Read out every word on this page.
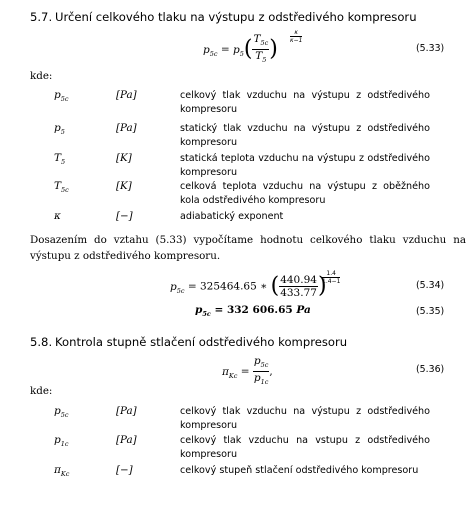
5.7. Určení celkového tlaku na výstupu z odstředivého kompresoru
$p_{5c} = p_5( \frac{T_{5c}}{T_5}$ )
κ
κ−1
(5.33)
kde:
$p_{5c}$	[Pa]	celkový tlak vzduchu na výstupu z odstředivého kompresoru
$p_5$	[Pa]	statický tlak vzduchu na výstupu z odstředivého kompresoru
$T_5$	[K]	statická teplota vzduchu na výstupu z odstředivého kompresoru
$T_{5c}$	[K]	celková teplota vzduchu na výstupu z oběžného kola odstředivého kompresoru
κ	[−]	adiabatický exponent
Dosazením do vztahu (5.33) vypočítame hodnotu celkového tlaku vzduchu na výstupu z odstředivého kompresoru.
$p_{5c} = 325464.65$ ∗ ( $\frac{440.94}{433.77}$ ) 1.4
1.4−1	(5.34)
$p_{5c} = 332$ 606.65 Pa	(5.35)
5.8. Kontrola stupně stlačení odstředivého kompresoru
$\pi_{Kc} = \frac{p_{5c}}{p_{1c}}$ ,	(5.36)
kde:
$p_{5c}$	[Pa]	celkový tlak vzduchu na výstupu z odstředivého kompresoru
$p_{1c}$	[Pa]	celkový tlak vzduchu na vstupu z odstředivého kompresoru
$\pi_{Kc}$	[−]	celkový stupeň stlačení odstředivého kompresoru
